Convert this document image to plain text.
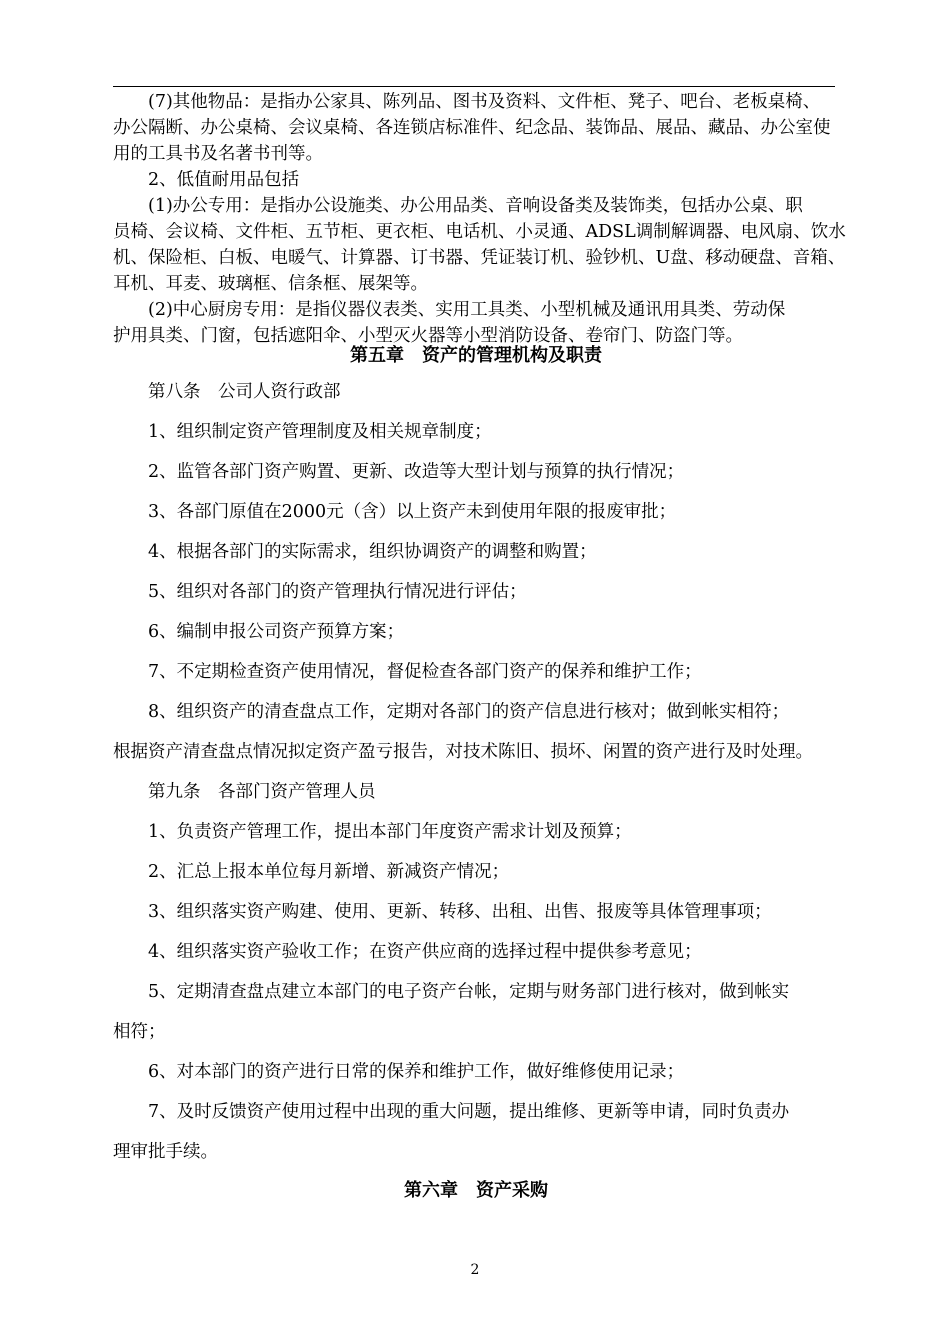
　　(7)其他物品：是指办公家具、陈列品、图书及资料、文件柜、凳子、吧台、老板桌椅、

办公隔断、办公桌椅、会议桌椅、各连锁店标准件、纪念品、装饰品、展品、藏品、办公室使

用的工具书及名著书刊等。

　　2、低值耐用品包括

　　(1)办公专用：是指办公设施类、办公用品类、音响设备类及装饰类，包括办公桌、职

员椅、会议椅、文件柜、五节柜、更衣柜、电话机、小灵通、ADSL调制解调器、电风扇、饮水

机、保险柜、白板、电暖气、计算器、订书器、凭证装订机、验钞机、U盘、移动硬盘、音箱、

耳机、耳麦、玻璃框、信条框、展架等。

　　(2)中心厨房专用：是指仪器仪表类、实用工具类、小型机械及通讯用具类、劳动保

护用具类、门窗，包括遮阳伞、小型灭火器等小型消防设备、卷帘门、防盗门等。

第五章　资产的管理机构及职责

　　第八条　公司人资行政部

　　1、组织制定资产管理制度及相关规章制度；

　　2、监管各部门资产购置、更新、改造等大型计划与预算的执行情况；

　　3、各部门原值在2000元（含）以上资产未到使用年限的报废审批；

　　4、根据各部门的实际需求，组织协调资产的调整和购置；

　　5、组织对各部门的资产管理执行情况进行评估；

　　6、编制申报公司资产预算方案；

　　7、不定期检查资产使用情况，督促检查各部门资产的保养和维护工作；

　　8、组织资产的清查盘点工作，定期对各部门的资产信息进行核对；做到帐实相符；

根据资产清查盘点情况拟定资产盈亏报告，对技术陈旧、损坏、闲置的资产进行及时处理。

　　第九条　各部门资产管理人员

　　1、负责资产管理工作，提出本部门年度资产需求计划及预算；

　　2、汇总上报本单位每月新增、新减资产情况；

　　3、组织落实资产购建、使用、更新、转移、出租、出售、报废等具体管理事项；

　　4、组织落实资产验收工作；在资产供应商的选择过程中提供参考意见；

　　5、定期清查盘点建立本部门的电子资产台帐，定期与财务部门进行核对，做到帐实

相符；

　　6、对本部门的资产进行日常的保养和维护工作，做好维修使用记录；

　　7、及时反馈资产使用过程中出现的重大问题，提出维修、更新等申请，同时负责办

理审批手续。

第六章　资产采购
2
